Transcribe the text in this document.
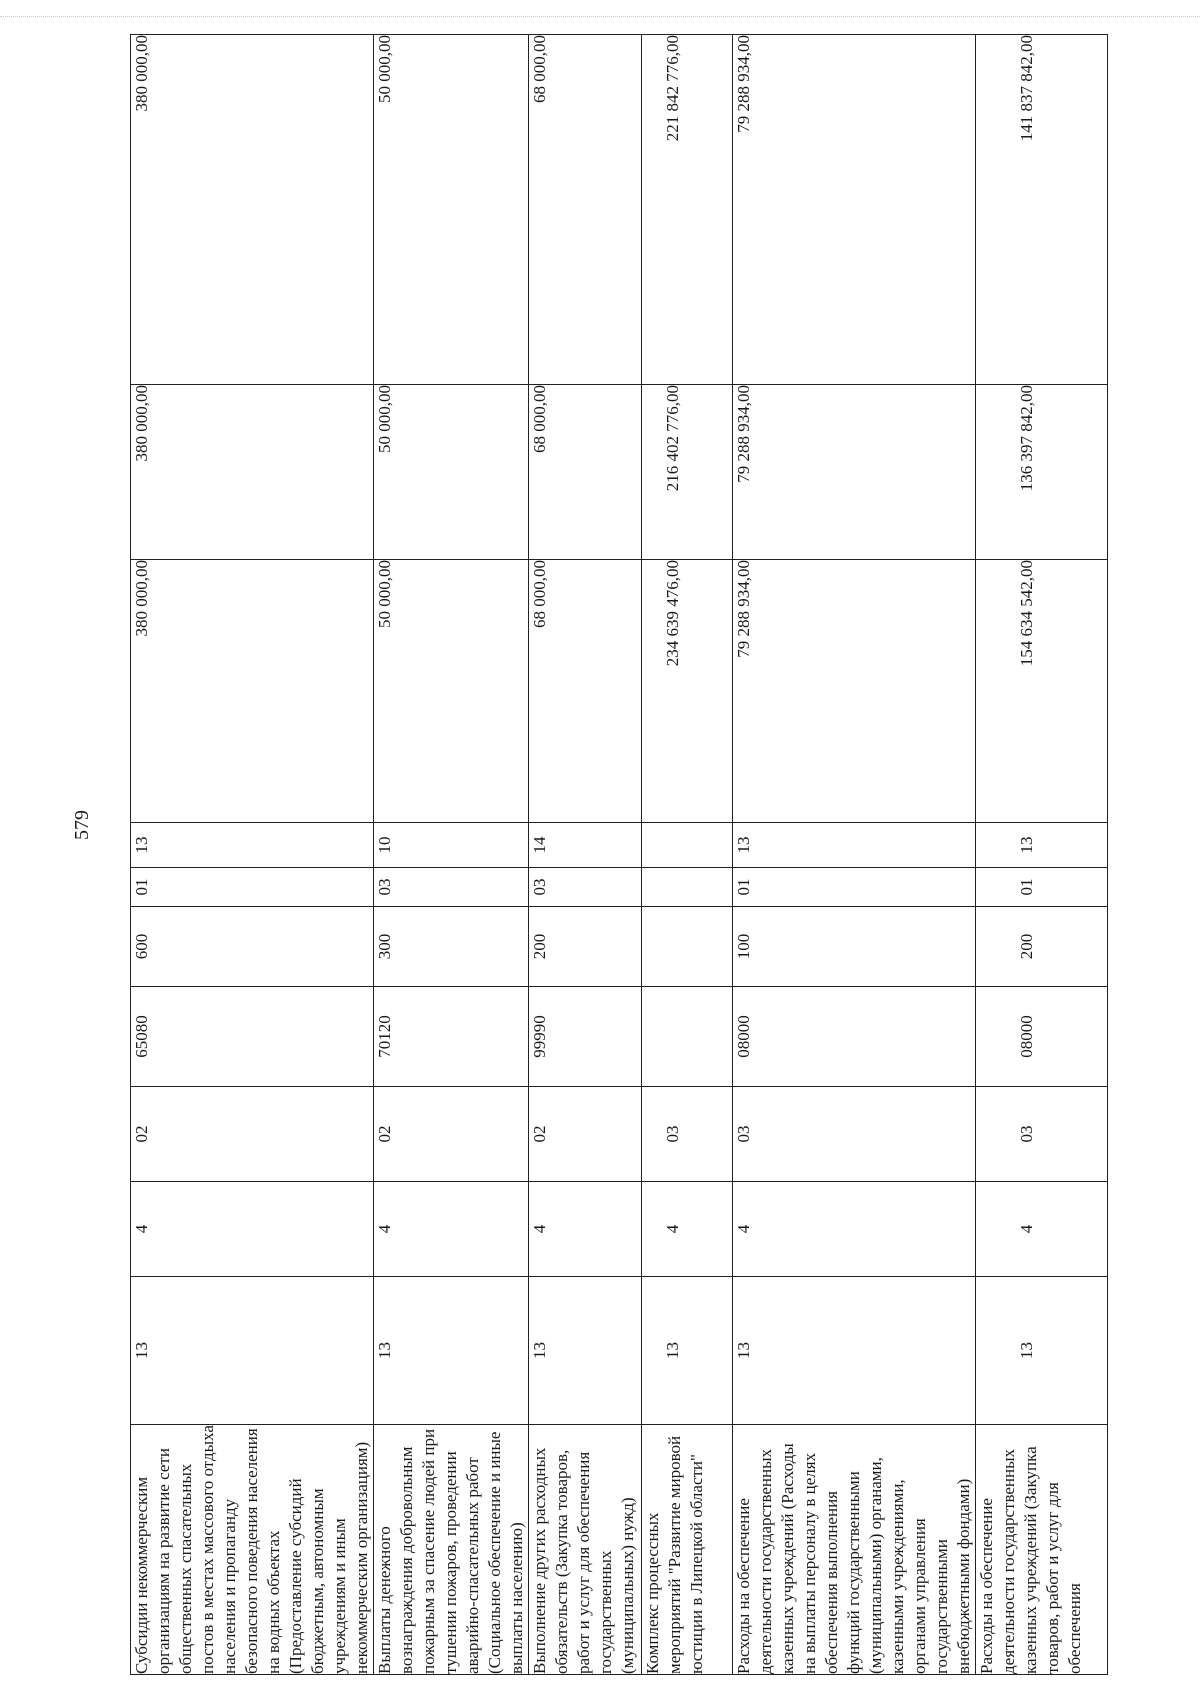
579
Субсидии некоммерческим организациям на развитие сети общественных спасательных постов в местах массового отдыха населения и пропаганду безопасного поведения населения на водных объектах (Предоставление субсидий бюджетным, автономным учреждениям и иным некоммерческим организациям)	13	4	02	65080	600	01	13	380 000,00	380 000,00	380 000,00
Выплаты денежного вознаграждения добровольным пожарным за спасение людей при тушении пожаров, проведении аварийно-спасательных работ (Социальное обеспечение и иные выплаты населению)	13	4	02	70120	300	03	10	50 000,00	50 000,00	50 000,00
Выполнение других расходных обязательств (Закупка товаров, работ и услуг для обеспечения государственных (муниципальных) нужд)	13	4	02	99990	200	03	14	68 000,00	68 000,00	68 000,00
Комплекс процессных мероприятий "Развитие мировой юстиции в Липецкой области"	13	4	03					234 639 476,00	216 402 776,00	221 842 776,00
Расходы на обеспечение деятельности государственных казенных учреждений (Расходы на выплаты персоналу в целях обеспечения выполнения функций государственными (муниципальными) органами, казенными учреждениями, органами управления государственными внебюджетными фондами)	13	4	03	08000	100	01	13	79 288 934,00	79 288 934,00	79 288 934,00
Расходы на обеспечение деятельности государственных казенных учреждений (Закупка товаров, работ и услуг для обеспечения	13	4	03	08000	200	01	13	154 634 542,00	136 397 842,00	141 837 842,00
